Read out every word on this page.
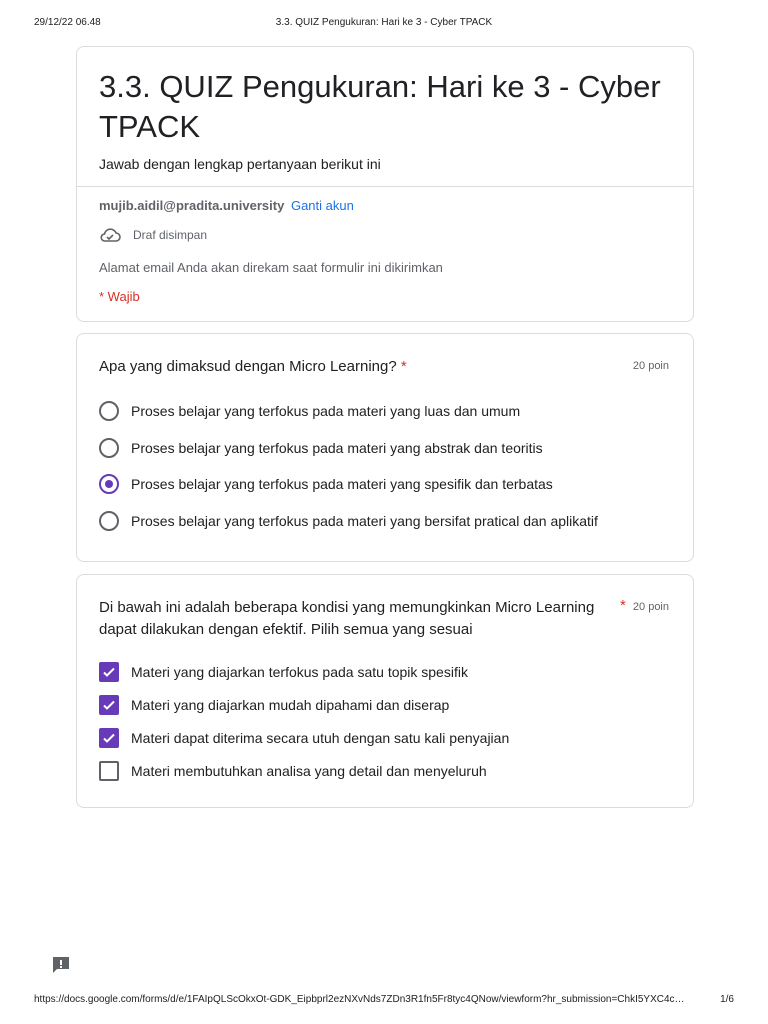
29/12/22 06.48	3.3. QUIZ Pengukuran: Hari ke 3 - Cyber TPACK
3.3. QUIZ Pengukuran: Hari ke 3 - Cyber TPACK
Jawab dengan lengkap pertanyaan berikut ini
mujib.aidil@pradita.university Ganti akun
Draf disimpan
Alamat email Anda akan direkam saat formulir ini dikirimkan
* Wajib
Apa yang dimaksud dengan Micro Learning? *	20 poin
Proses belajar yang terfokus pada materi yang luas dan umum
Proses belajar yang terfokus pada materi yang abstrak dan teoritis
Proses belajar yang terfokus pada materi yang spesifik dan terbatas
Proses belajar yang terfokus pada materi yang bersifat pratical dan aplikatif
Di bawah ini adalah beberapa kondisi yang memungkinkan Micro Learning dapat dilakukan dengan efektif. Pilih semua yang sesuai
* 20 poin
Materi yang diajarkan terfokus pada satu topik spesifik
Materi yang diajarkan mudah dipahami dan diserap
Materi dapat diterima secara utuh dengan satu kali penyajian
Materi membutuhkan analisa yang detail dan menyeluruh
https://docs.google.com/forms/d/e/1FAIpQLScOkxOt-GDK_Eipbprl2ezNXvNds7ZDn3R1fn5Fr8tyc4QNow/viewform?hr_submission=ChkI5YXC4c…	1/6
